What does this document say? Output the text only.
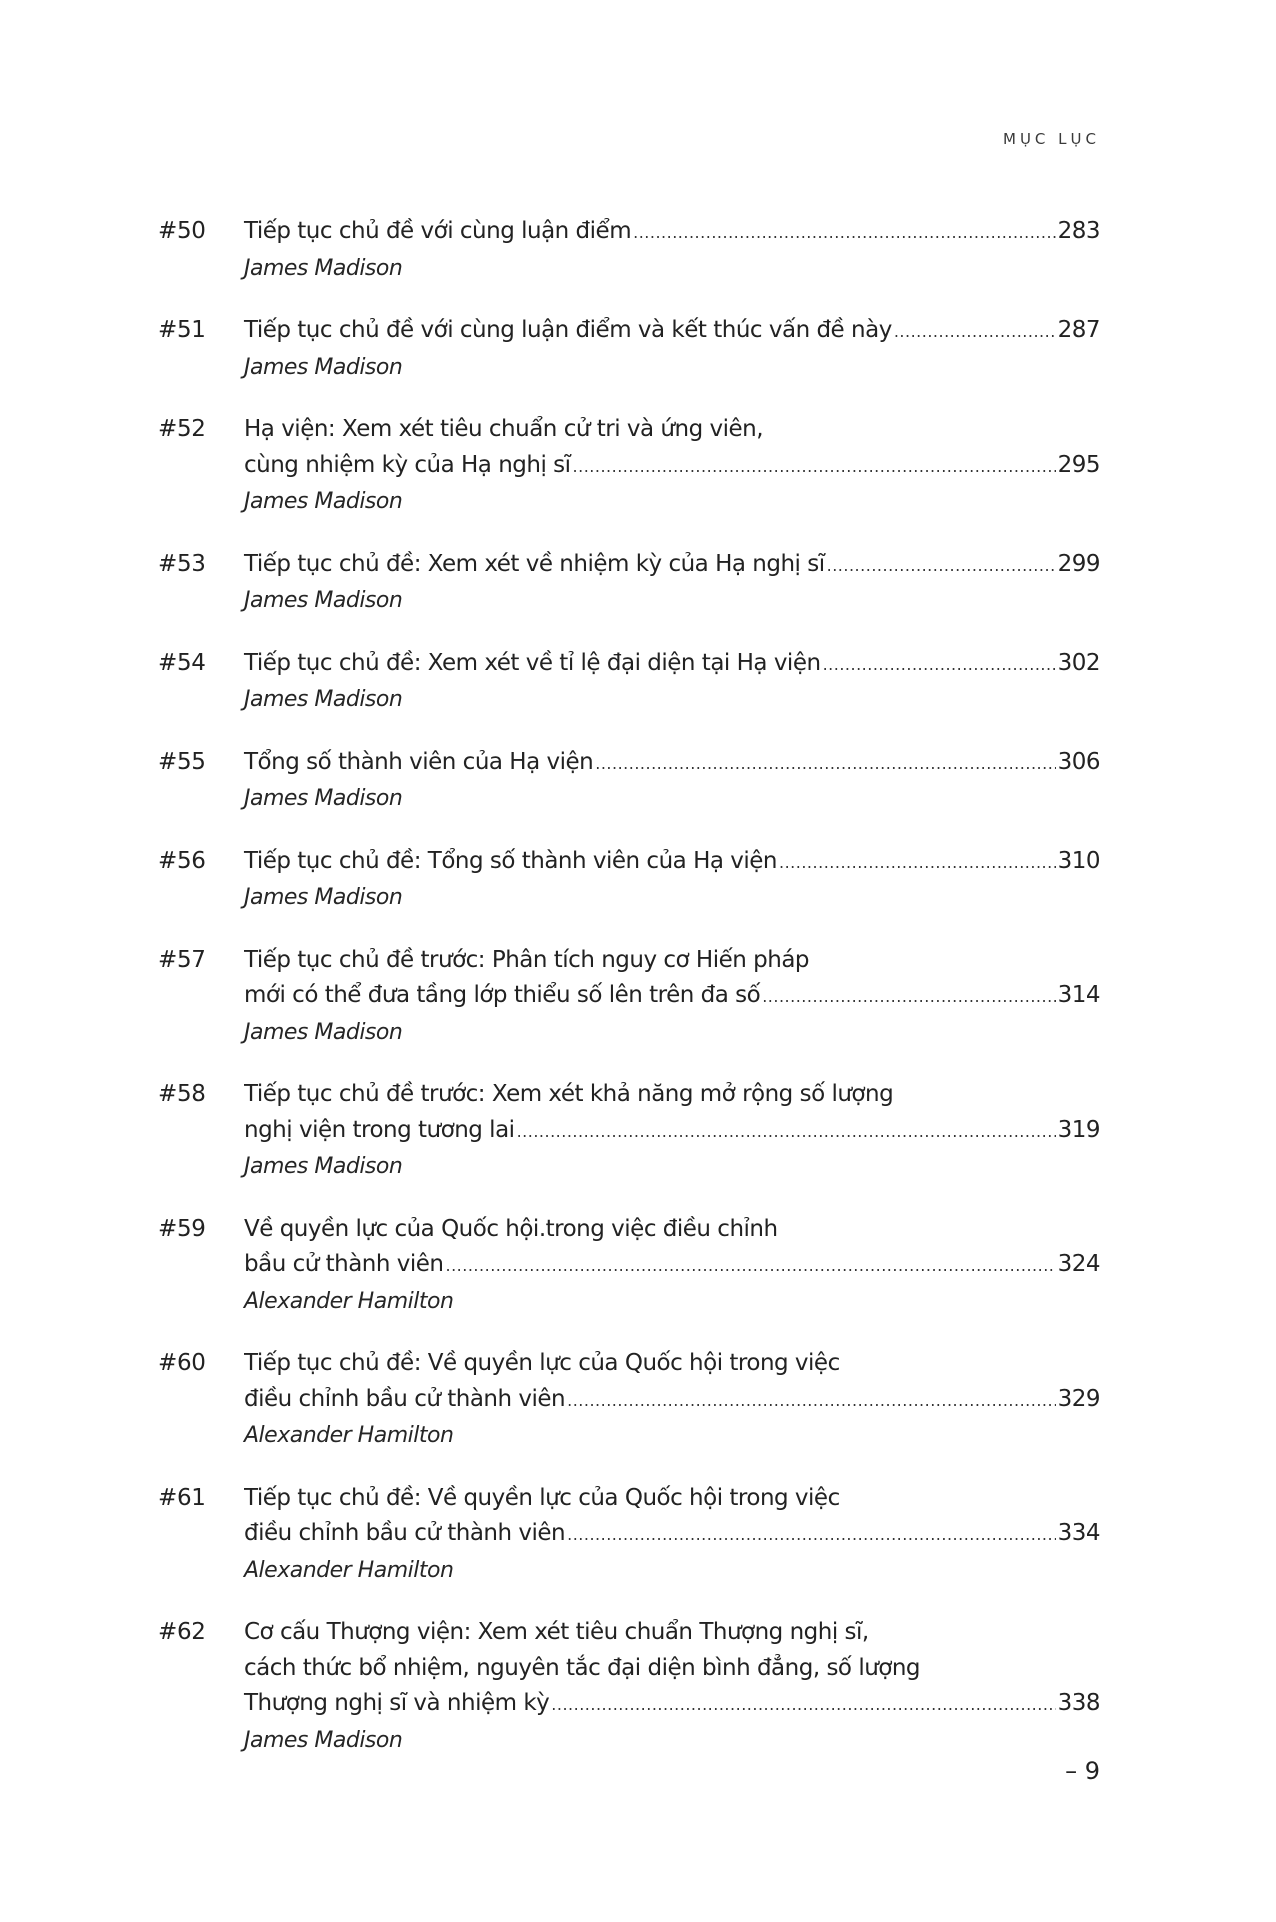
MỤC LỤC
#50	Tiếp tục chủ đề với cùng luận điểm .....	283
James Madison
#51	Tiếp tục chủ đề với cùng luận điểm và kết thúc vấn đề này .....	287
James Madison
#52	Hạ viện: Xem xét tiêu chuẩn cử tri và ứng viên,
cùng nhiệm kỳ của Hạ nghị sĩ .....	295
James Madison
#53	Tiếp tục chủ đề: Xem xét về nhiệm kỳ của Hạ nghị sĩ .....	299
James Madison
#54	Tiếp tục chủ đề: Xem xét về tỉ lệ đại diện tại Hạ viện .....	302
James Madison
#55	Tổng số thành viên của Hạ viện .....	306
James Madison
#56	Tiếp tục chủ đề: Tổng số thành viên của Hạ viện .....	310
James Madison
#57	Tiếp tục chủ đề trước: Phân tích nguy cơ Hiến pháp
mới có thể đưa tầng lớp thiểu số lên trên đa số .....	314
James Madison
#58	Tiếp tục chủ đề trước: Xem xét khả năng mở rộng số lượng
nghị viện trong tương lai .....	319
James Madison
#59	Về quyền lực của Quốc hội.trong việc điều chỉnh
bầu cử thành viên .....	324
Alexander Hamilton
#60	Tiếp tục chủ đề: Về quyền lực của Quốc hội trong việc
điều chỉnh bầu cử thành viên .....	329
Alexander Hamilton
#61	Tiếp tục chủ đề: Về quyền lực của Quốc hội trong việc
điều chỉnh bầu cử thành viên .....	334
Alexander Hamilton
#62	Cơ cấu Thượng viện: Xem xét tiêu chuẩn Thượng nghị sĩ,
cách thức bổ nhiệm, nguyên tắc đại diện bình đẳng, số lượng
Thượng nghị sĩ và nhiệm kỳ .....	338
James Madison
– 9
